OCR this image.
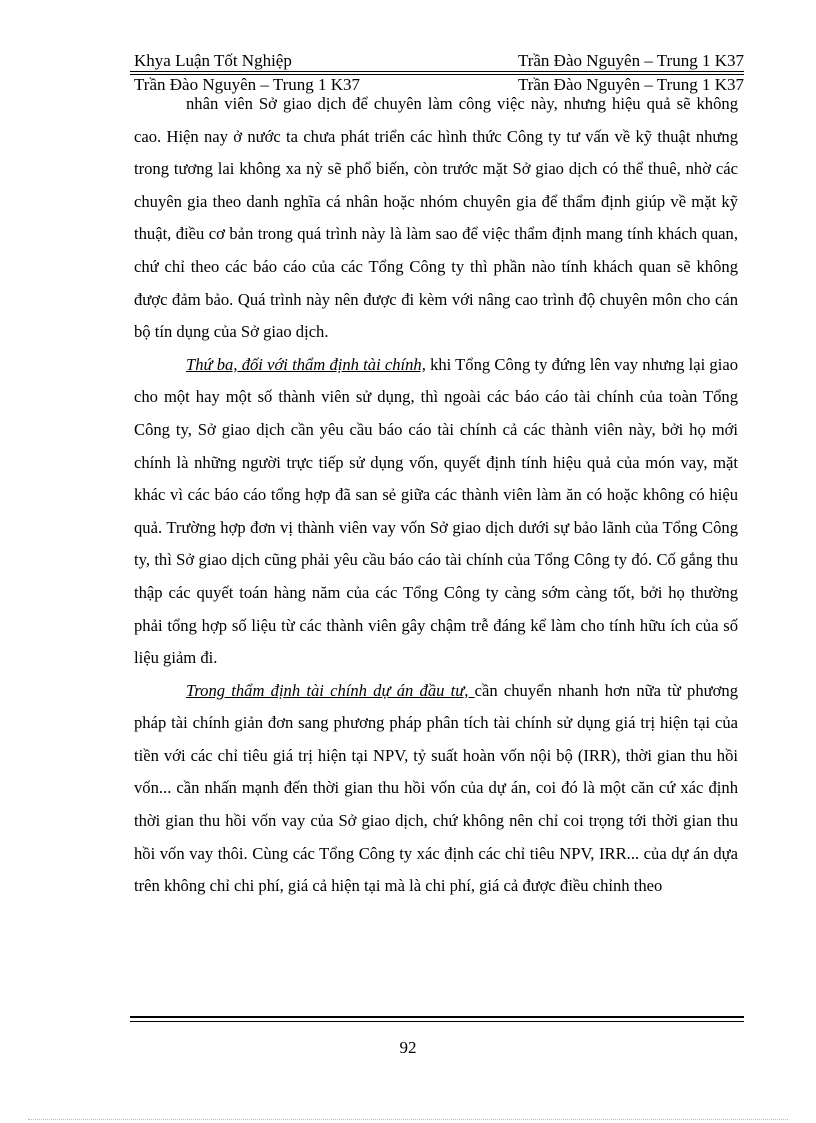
Khya Luận Tốt Nghiệp	Trần Đào Nguyên – Trung 1 K37
Trần Đào Nguyên – Trung 1 K37	Trần Đào Nguyên – Trung 1 K37

nhân viên Sở giao dịch để chuyên làm công việc này, nhưng hiệu quả sẽ không cao. Hiện nay ở nước ta chưa phát triển các hình thức Công ty tư vấn về kỹ thuật nhưng trong tương lai không xa nỳ sẽ phổ biến, còn trước mặt Sở giao dịch có thể thuê, nhờ các chuyên gia theo danh nghĩa cá nhân hoặc nhóm chuyên gia để thẩm định giúp về mặt kỹ thuật, điều cơ bản trong quá trình này là làm sao để việc thẩm định mang tính khách quan, chứ chỉ theo các báo cáo của các Tổng Công ty thì phần nào tính khách quan sẽ không được đảm bảo. Quá trình này nên được đi kèm với nâng cao trình độ chuyên môn cho cán bộ tín dụng của Sở giao dịch.

Thứ ba, đối với thẩm định tài chính, khi Tổng Công ty đứng lên vay nhưng lại giao cho một hay một số thành viên sử dụng, thì ngoài các báo cáo tài chính của toàn Tổng Công ty, Sở giao dịch cần yêu cầu báo cáo tài chính cả các thành viên này, bởi họ mới chính là những người trực tiếp sử dụng vốn, quyết định tính hiệu quả của món vay, mặt khác vì các báo cáo tổng hợp đã san sẻ giữa các thành viên làm ăn có hoặc không có hiệu quả. Trường hợp đơn vị thành viên vay vốn Sở giao dịch dưới sự bảo lãnh của Tổng Công ty, thì Sở giao dịch cũng phải yêu cầu báo cáo tài chính của Tổng Công ty đó. Cố gắng thu thập các quyết toán hàng năm của các Tổng Công ty càng sớm càng tốt, bởi họ thường phải tổng hợp số liệu từ các thành viên gây chậm trễ đáng kể làm cho tính hữu ích của số liệu giảm đi.

Trong thẩm định tài chính dự án đầu tư, cần chuyển nhanh hơn nữa từ phương pháp tài chính giản đơn sang phương pháp phân tích tài chính sử dụng giá trị hiện tại của tiền với các chỉ tiêu giá trị hiện tại NPV, tỷ suất hoàn vốn nội bộ (IRR), thời gian thu hồi vốn... cần nhấn mạnh đến thời gian thu hồi vốn của dự án, coi đó là một căn cứ xác định thời gian thu hồi vốn vay của Sở giao dịch, chứ không nên chỉ coi trọng tới thời gian thu hồi vốn vay thôi. Cùng các Tổng Công ty xác định các chỉ tiêu NPV, IRR... của dự án dựa trên không chỉ chi phí, giá cả hiện tại mà là chi phí, giá cả được điều chỉnh theo

92
